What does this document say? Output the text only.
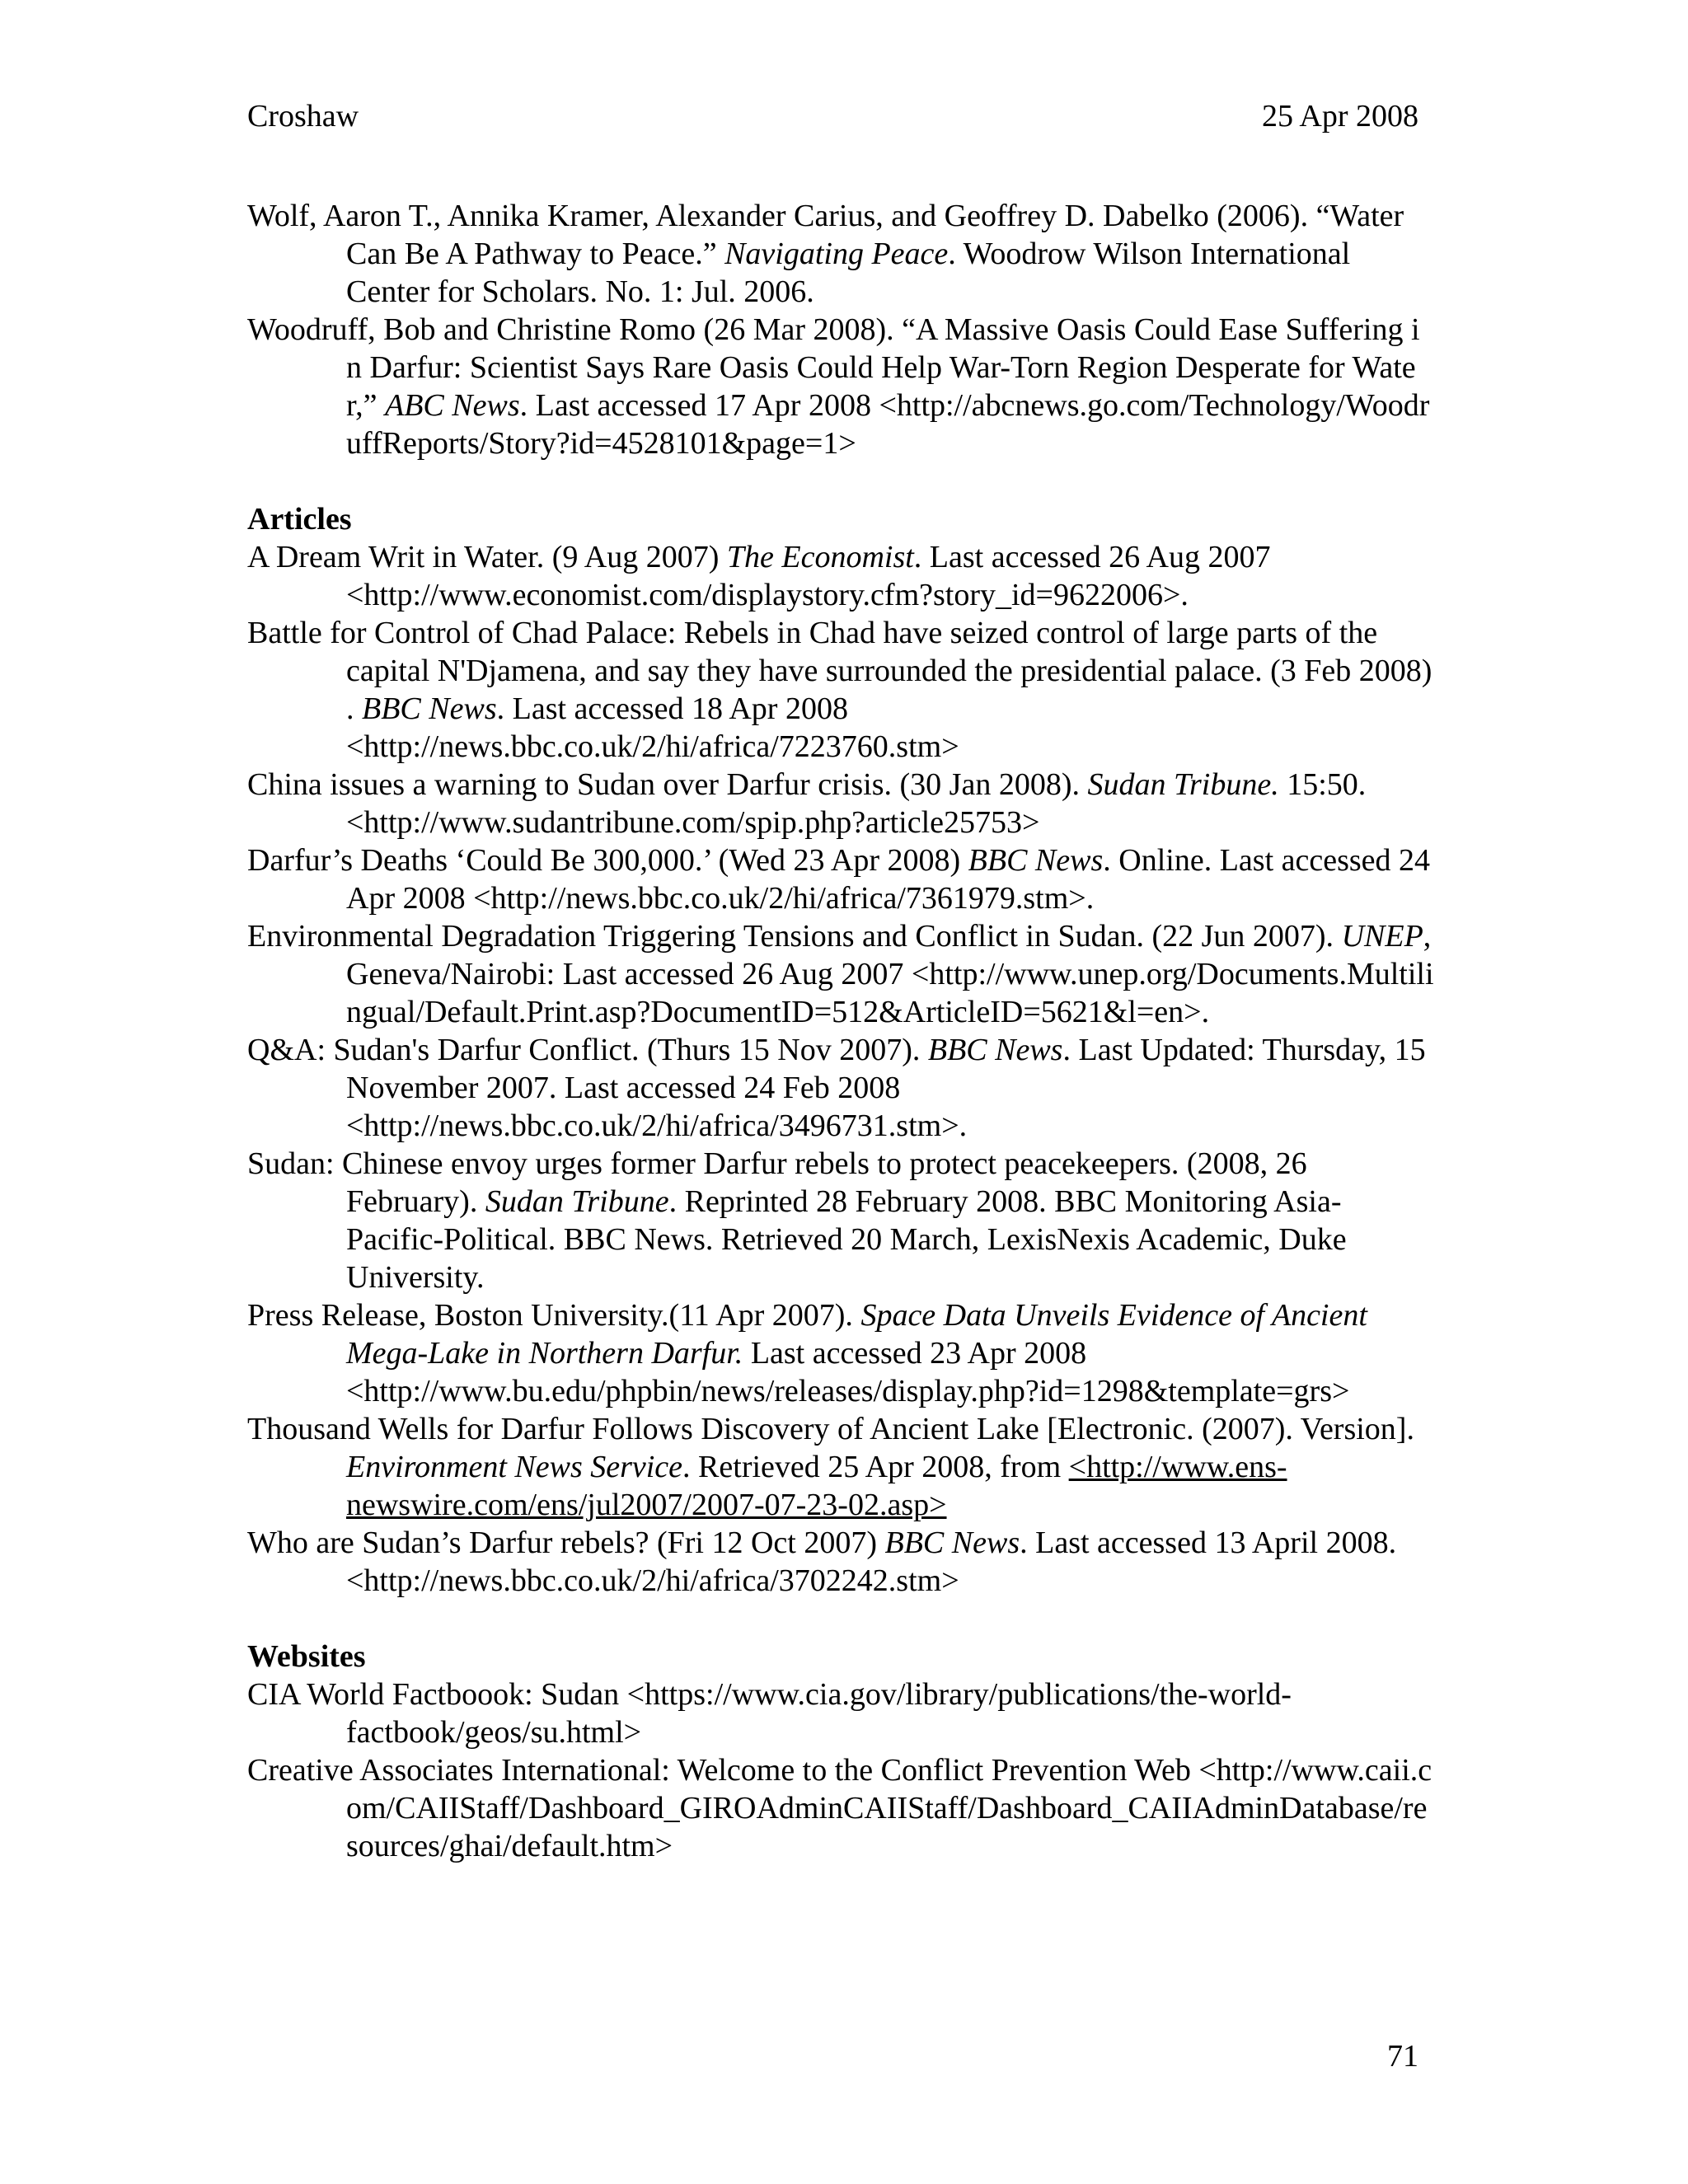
Croshaw	25 Apr 2008

Wolf, Aaron T., Annika Kramer, Alexander Carius, and Geoffrey D. Dabelko (2006). “Water Can Be A Pathway to Peace.” Navigating Peace. Woodrow Wilson International Center for Scholars. No. 1: Jul. 2006.

Woodruff, Bob and Christine Romo (26 Mar 2008). “A Massive Oasis Could Ease Suffering in Darfur: Scientist Says Rare Oasis Could Help War-Torn Region Desperate for Water,” ABC News. Last accessed 17 Apr 2008 <http://abcnews.go.com/Technology/WoodruffReports/Story?id=4528101&page=1>

Articles

A Dream Writ in Water. (9 Aug 2007) The Economist. Last accessed 26 Aug 2007 <http://www.economist.com/displaystory.cfm?story_id=9622006>.

Battle for Control of Chad Palace: Rebels in Chad have seized control of large parts of the capital N'Djamena, and say they have surrounded the presidential palace. (3 Feb 2008) . BBC News. Last accessed 18 Apr 2008 <http://news.bbc.co.uk/2/hi/africa/7223760.stm>

China issues a warning to Sudan over Darfur crisis. (30 Jan 2008). Sudan Tribune. 15:50.<http://www.sudantribune.com/spip.php?article25753>

Darfur’s Deaths ‘Could Be 300,000.’ (Wed 23 Apr 2008) BBC News. Online. Last accessed 24 Apr 2008 <http://news.bbc.co.uk/2/hi/africa/7361979.stm>.

Environmental Degradation Triggering Tensions and Conflict in Sudan. (22 Jun 2007). UNEP, Geneva/Nairobi: Last accessed 26 Aug 2007 <http://www.unep.org/Documents.Multilingual/Default.Print.asp?DocumentID=512&ArticleID=5621&l=en>.

Q&A: Sudan's Darfur Conflict. (Thurs 15 Nov 2007). BBC News. Last Updated: Thursday, 15 November 2007. Last accessed 24 Feb 2008 <http://news.bbc.co.uk/2/hi/africa/3496731.stm>.

Sudan: Chinese envoy urges former Darfur rebels to protect peacekeepers. (2008, 26 February). Sudan Tribune. Reprinted 28 February 2008. BBC Monitoring Asia-Pacific-Political. BBC News. Retrieved 20 March, LexisNexis Academic, Duke University.

Press Release, Boston University.(11 Apr 2007). Space Data Unveils Evidence of Ancient Mega-Lake in Northern Darfur. Last accessed 23 Apr 2008 <http://www.bu.edu/phpbin/news/releases/display.php?id=1298&template=grs>

Thousand Wells for Darfur Follows Discovery of Ancient Lake [Electronic. (2007). Version]. Environment News Service. Retrieved 25 Apr 2008, from <http://www.ens-newswire.com/ens/jul2007/2007-07-23-02.asp>

Who are Sudan’s Darfur rebels? (Fri 12 Oct 2007) BBC News. Last accessed 13 April 2008. <http://news.bbc.co.uk/2/hi/africa/3702242.stm>

Websites

CIA World Factboook: Sudan <https://www.cia.gov/library/publications/the-world-factbook/geos/su.html>

Creative Associates International: Welcome to the Conflict Prevention Web <http://www.caii.com/CAIIStaff/Dashboard_GIROAdminCAIIStaff/Dashboard_CAIIAdminDatabase/resources/ghai/default.htm>

71
